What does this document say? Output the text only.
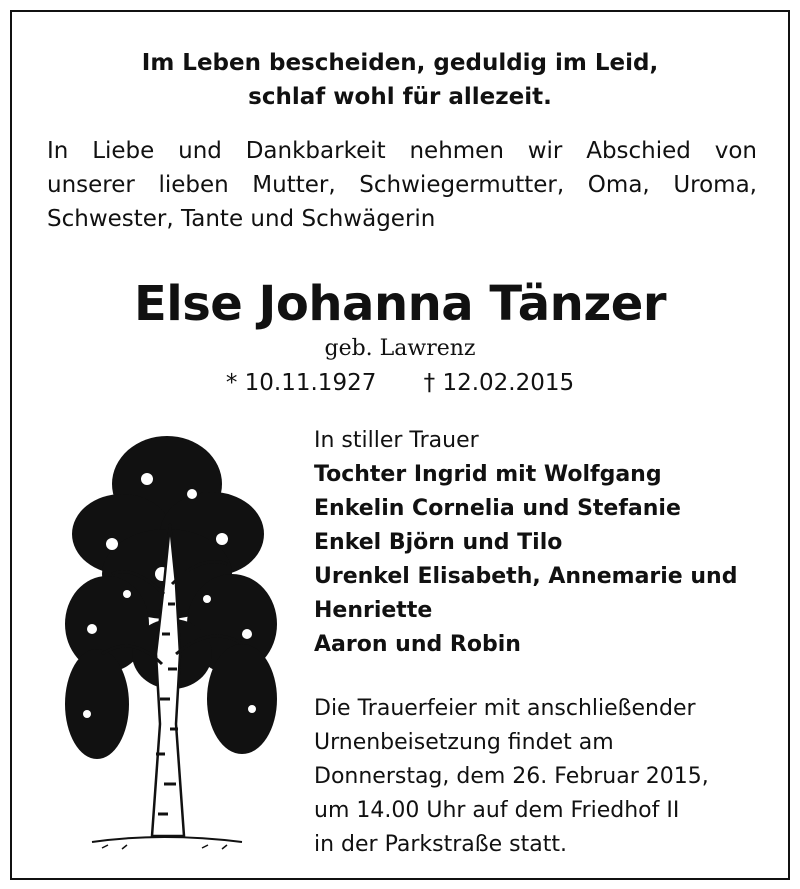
Im Leben bescheiden, geduldig im Leid,
schlaf wohl für allezeit.
In Liebe und Dankbarkeit nehmen wir Abschied von
unserer lieben Mutter, Schwiegermutter, Oma, Uroma,
Schwester, Tante und Schwägerin
Else Johanna Tänzer
geb. Lawrenz
* 10.11.1927 † 12.02.2015
In stiller Trauer
Tochter Ingrid mit Wolfgang
Enkelin Cornelia und Stefanie
Enkel Björn und Tilo
Urenkel Elisabeth, Annemarie und
Henriette
Aaron und Robin
Die Trauerfeier mit anschließender
Urnenbeisetzung findet am
Donnerstag, dem 26. Februar 2015,
um 14.00 Uhr auf dem Friedhof II
in der Parkstraße statt.
